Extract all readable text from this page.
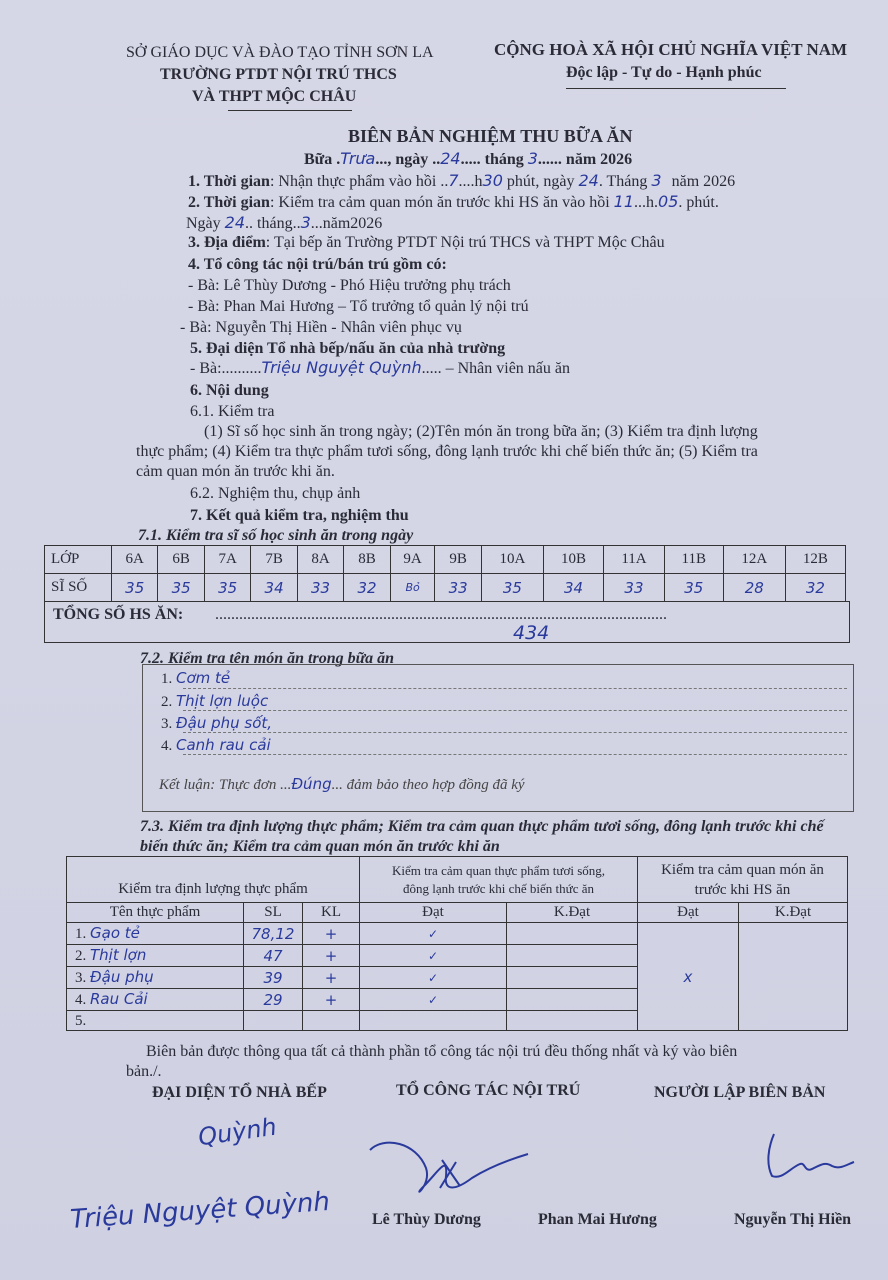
SỞ GIÁO DỤC VÀ ĐÀO TẠO TỈNH SƠN LA
TRƯỜNG PTDT NỘI TRÚ THCS
VÀ THPT MỘC CHÂU
CỘNG HOÀ XÃ HỘI CHỦ NGHĨA VIỆT NAM
Độc lập - Tự do - Hạnh phúc
BIÊN BẢN NGHIỆM THU BỮA ĂN
Bữa .Trưa..., ngày ..24..... tháng 3...... năm 2026
1. Thời gian: Nhận thực phẩm vào hồi ..7....h30 phút, ngày 24. Tháng 3 năm 2026
2. Thời gian: Kiểm tra cảm quan món ăn trước khi HS ăn vào hồi 11...h.05. phút.
Ngày 24.. tháng..3...năm2026
3. Địa điểm: Tại bếp ăn Trường PTDT Nội trú THCS và THPT Mộc Châu
4. Tổ công tác nội trú/bán trú gồm có:
- Bà: Lê Thùy Dương - Phó Hiệu trưởng phụ trách
- Bà: Phan Mai Hương – Tổ trưởng tổ quản lý nội trú
- Bà: Nguyễn Thị Hiền - Nhân viên phục vụ
5. Đại diện Tổ nhà bếp/nấu ăn của nhà trường
- Bà:..........Triệu Nguyệt Quỳnh..... – Nhân viên nấu ăn
6. Nội dung
6.1. Kiểm tra
(1) Sĩ số học sinh ăn trong ngày; (2)Tên món ăn trong bữa ăn; (3) Kiểm tra định lượng
thực phẩm; (4) Kiểm tra thực phẩm tươi sống, đông lạnh trước khi chế biến thức ăn; (5) Kiểm tra
cảm quan món ăn trước khi ăn.
6.2. Nghiệm thu, chụp ảnh
7. Kết quả kiểm tra, nghiệm thu
7.1. Kiểm tra sĩ số học sinh ăn trong ngày
LỚP	6A	6B	7A	7B	8A	8B	9A	9B	10A	10B	11A	11B	12A	12B
SĨ SỐ	35	35	35	34	33	32	Bỏ	33	35	34	33	35	28	32
TỔNG SỐ HS ĂN: .................................................................................................................
434
7.2. Kiểm tra tên món ăn trong bữa ăn
1. Cơm tẻ
2. Thịt lợn luộc
3. Đậu phụ sốt,
4. Canh rau cải
Kết luận: Thực đơn ...Đúng... đảm bảo theo hợp đồng đã ký
7.3. Kiểm tra định lượng thực phẩm; Kiểm tra cảm quan thực phẩm tươi sống, đông lạnh trước khi chế
biến thức ăn; Kiểm tra cảm quan món ăn trước khi ăn
Kiểm tra định lượng thực phẩm			Kiểm tra cảm quan thực phẩm tươi sống,
đông lạnh trước khi chế biến thức ăn		Kiểm tra cảm quan món ăn
trước khi HS ăn	
Tên thực phẩm	SL	KL	Đạt	K.Đạt	Đạt	K.Đạt
1. Gạo tẻ	78,12	+	✓		x	
2. Thịt lợn	47	+	✓			
3. Đậu phụ	39	+	✓			
4. Rau Cải	29	+	✓			
5.						
Biên bản được thông qua tất cả thành phần tổ công tác nội trú đều thống nhất và ký vào biên
bản./.
ĐẠI DIỆN TỔ NHÀ BẾP	TỔ CÔNG TÁC NỘI TRÚ	NGƯỜI LẬP BIÊN BẢN
Quỳnh
Triệu Nguyệt Quỳnh	Lê Thùy Dương	Phan Mai Hương	Nguyễn Thị Hiền
